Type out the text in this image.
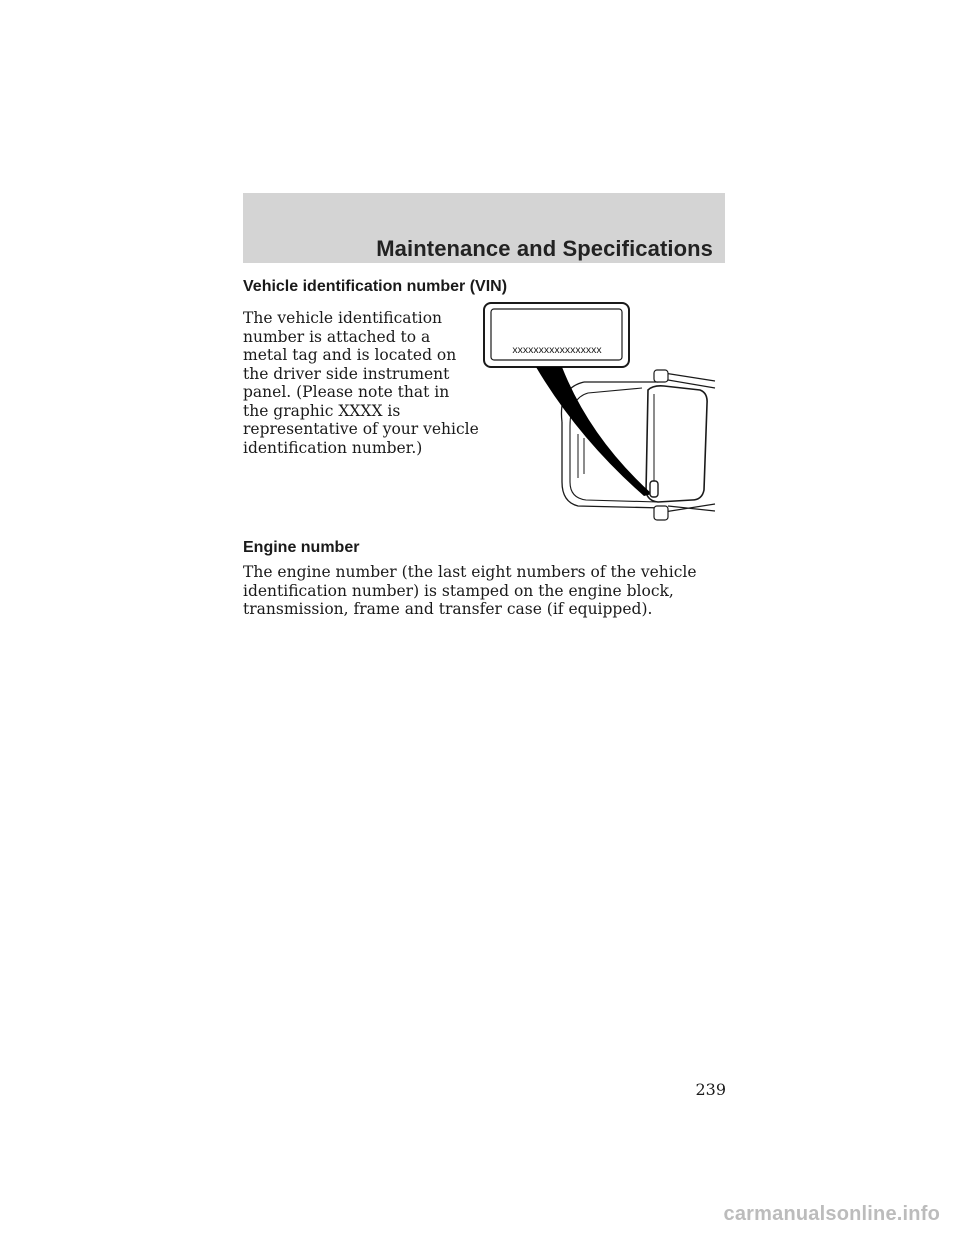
Maintenance and Specifications
Vehicle identification number (VIN)

The vehicle identification number is attached to a metal tag and is located on the driver side instrument panel. (Please note that in the graphic XXXX is representative of your vehicle identification number.)

xxxxxxxxxxxxxxxxx
Engine number

The engine number (the last eight numbers of the vehicle identification number) is stamped on the engine block, transmission, frame and transfer case (if equipped).

239
carmanualsonline.info
